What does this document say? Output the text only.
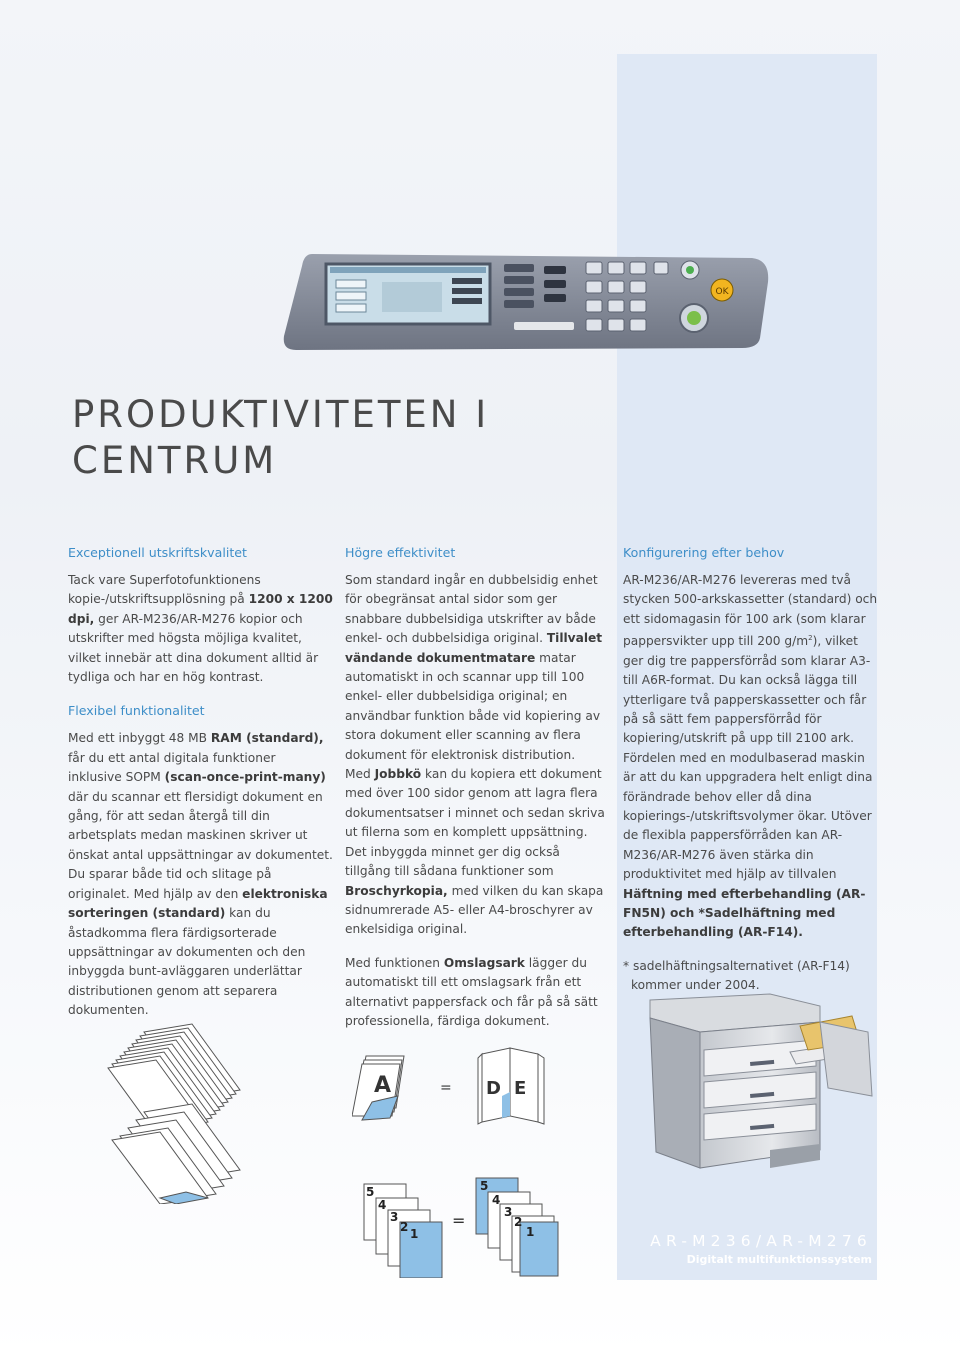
OK
PRODUKTIVITETEN I
CENTRUM
Exceptionell utskriftskvalitet

Tack vare Superfotofunktionens kopie-/utskriftsupplösning på 1200 x 1200 dpi, ger AR-M236/AR-M276 kopior och utskrifter med högsta möjliga kvalitet, vilket innebär att dina dokument alltid är tydliga och har en hög kontrast.

Flexibel funktionalitet

Med ett inbyggt 48 MB RAM (standard), får du ett antal digitala funktioner inklusive SOPM (scan-once-print-many) där du scannar ett flersidigt dokument en gång, för att sedan återgå till din arbetsplats medan maskinen skriver ut önskat antal uppsättningar av dokumentet. Du sparar både tid och slitage på originalet. Med hjälp av den elektroniska sorteringen (standard) kan du åstadkomma flera färdigsorterade uppsättningar av dokumenten och den inbyggda bunt-avläggaren underlättar distributionen genom att separera dokumenten.

Högre effektivitet

Som standard ingår en dubbelsidig enhet för obegränsat antal sidor som ger snabbare dubbelsidiga utskrifter av både enkel- och dubbelsidiga original. Tillvalet vändande dokumentmatare matar automatiskt in och scannar upp till 100 enkel- eller dubbelsidiga original; en användbar funktion både vid kopiering av stora dokument eller scanning av flera dokument för elektronisk distribution.
Med Jobbkö kan du kopiera ett dokument med över 100 sidor genom att lagra flera dokumentsatser i minnet och sedan skriva ut filerna som en komplett uppsättning. Det inbyggda minnet ger dig också tillgång till sådana funktioner som Broschyrkopia, med vilken du kan skapa sidnumrerade A5- eller A4-broschyrer av enkelsidiga original.

Med funktionen Omslagsark lägger du automatiskt till ett omslagsark från ett alternativt pappersfack och får på så sätt professionella, färdiga dokument.

Konfigurering efter behov

AR-M236/AR-M276 levereras med två stycken 500-arkskassetter (standard) och ett sidomagasin för 100 ark (som klarar pappersvikter upp till 200 $g/m^2$), vilket ger dig tre pappersförråd som klarar A3- till A6R-format. Du kan också lägga till ytterligare två papperskassetter och får på så sätt fem pappersförråd för kopiering/utskrift på upp till 2100 ark. Fördelen med en modulbaserad maskin är att du kan uppgradera helt enligt dina förändrade behov eller då dina kopierings-/utskriftsvolymer ökar. Utöver de flexibla pappersförråden kan AR-M236/AR-M276 även stärka din produktivitet med hjälp av tillvalen Häftning med efterbehandling (AR-FN5N) och *Sadelhäftning med efterbehandling (AR-F14).

* sadelhäftningsalternativet (AR-F14)
kommer under 2004.

A	= D E
5
4
3
2 1
=
5
4
3
2
1	AR-M236/AR-M276
Digitalt multifunktionssystem
